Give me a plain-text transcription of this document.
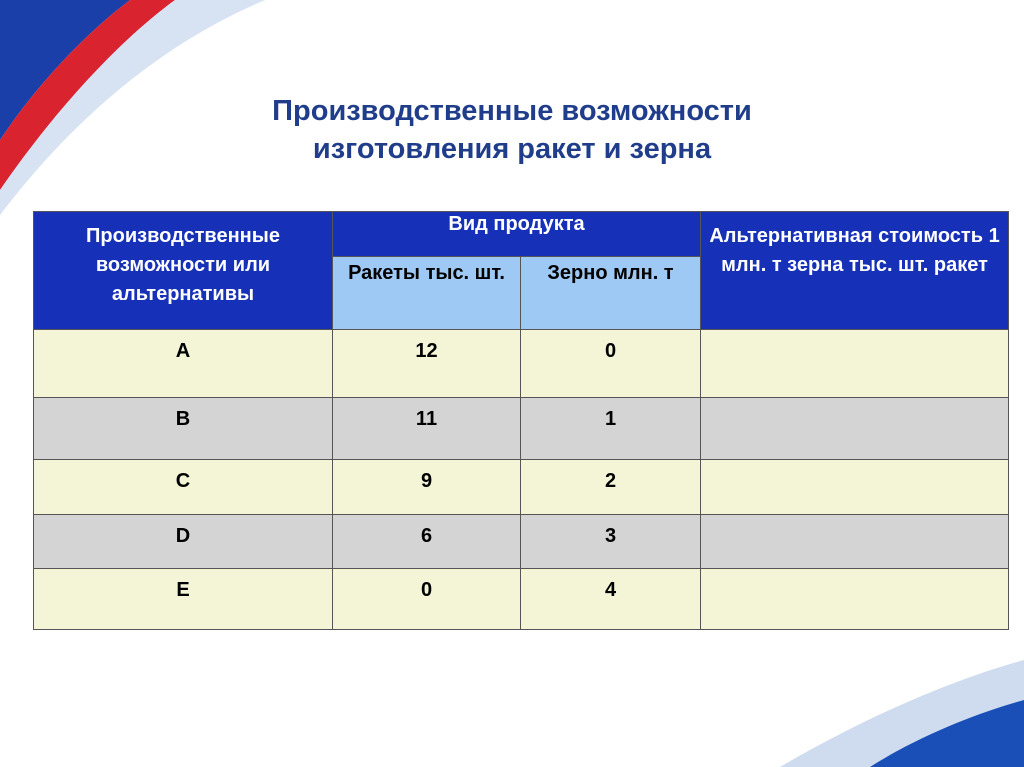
Производственные возможности
изготовления ракет и зерна
Производственные возможности или альтернативы	Вид продукта		Альтернативная стоимость 1 млн. т зерна тыс. шт. ракет
	Ракеты тыс. шт.	Зерно млн. т	
A	12	0	
B	11	1	
C	9	2	
D	6	3	
E	0	4	
